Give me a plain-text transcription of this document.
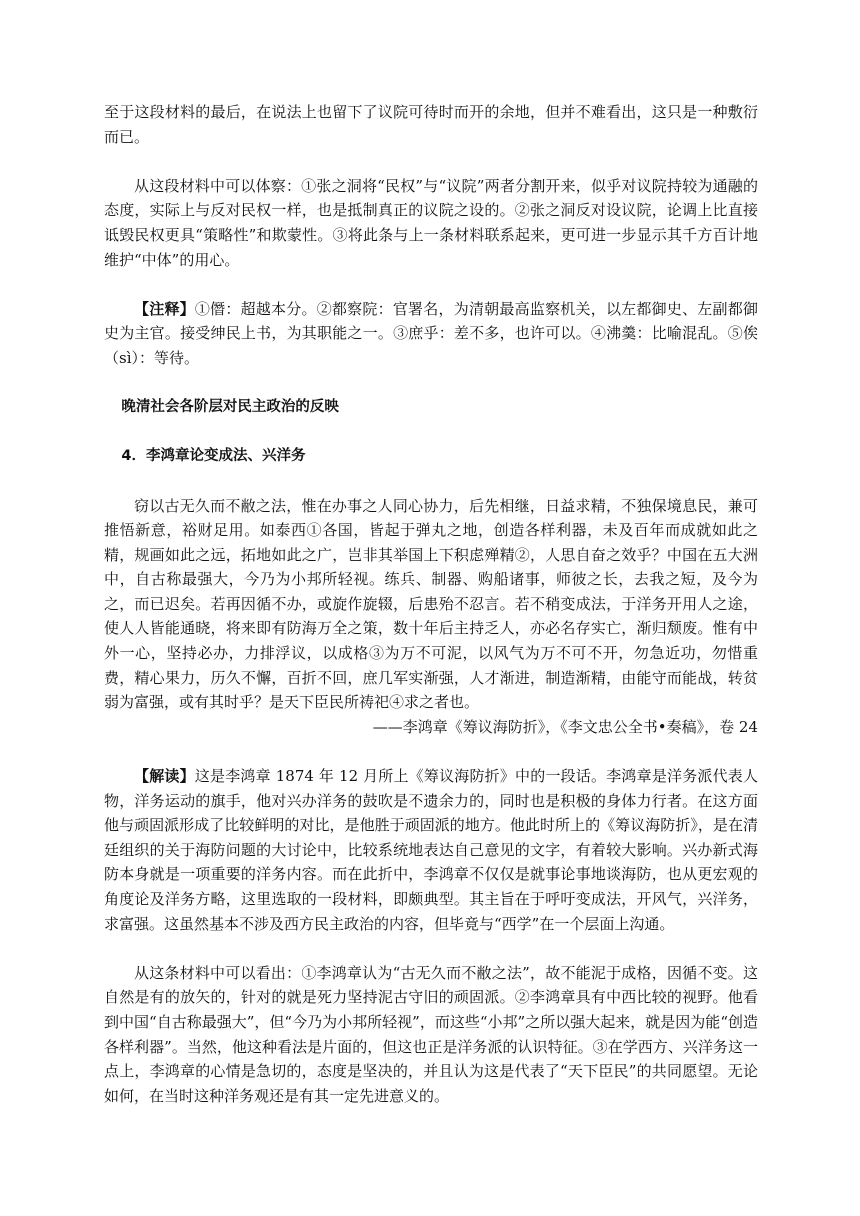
至于这段材料的最后，在说法上也留下了议院可待时而开的余地，但并不难看出，这只是一种敷衍而已。

从这段材料中可以体察：①张之洞将“民权”与“议院”两者分割开来，似乎对议院持较为通融的态度，实际上与反对民权一样，也是抵制真正的议院之设的。②张之洞反对设议院，论调上比直接诋毁民权更具“策略性”和欺蒙性。③将此条与上一条材料联系起来，更可进一步显示其千方百计地维护“中体”的用心。

【注释】①僭：超越本分。②都察院：官署名，为清朝最高监察机关，以左都御史、左副都御史为主官。接受绅民上书，为其职能之一。③庶乎：差不多，也许可以。④沸羹：比喻混乱。⑤俟（sì）：等待。

晚清社会各阶层对民主政治的反映

4．李鸿章论变成法、兴洋务

窃以古无久而不敝之法，惟在办事之人同心协力，后先相继，日益求精，不独保境息民，兼可推悟新意，裕财足用。如泰西①各国，皆起于弹丸之地，创造各样利器，未及百年而成就如此之精，规画如此之远，拓地如此之广，岂非其举国上下积虑殚精②，人思自奋之效乎？中国在五大洲中，自古称最强大，今乃为小邦所轻视。练兵、制器、购船诸事，师彼之长，去我之短，及今为之，而已迟矣。若再因循不办，或旋作旋辍，后患殆不忍言。若不稍变成法，于洋务开用人之途，使人人皆能通晓，将来即有防海万全之策，数十年后主持乏人，亦必名存实亡，渐归颓废。惟有中外一心，坚持必办，力排浮议，以成格③为万不可泥，以风气为万不可不开，勿急近功，勿惜重费，精心果力，历久不懈，百折不回，庶几军实渐强，人才渐进，制造渐精，由能守而能战，转贫弱为富强，或有其时乎？是天下臣民所祷祀④求之者也。

——李鸿章《筹议海防折》，《李文忠公全书•奏稿》，卷 24

【解读】这是李鸿章 1874 年 12 月所上《筹议海防折》中的一段话。李鸿章是洋务派代表人物，洋务运动的旗手，他对兴办洋务的鼓吹是不遗余力的，同时也是积极的身体力行者。在这方面他与顽固派形成了比较鲜明的对比，是他胜于顽固派的地方。他此时所上的《筹议海防折》，是在清廷组织的关于海防问题的大讨论中，比较系统地表达自己意见的文字，有着较大影响。兴办新式海防本身就是一项重要的洋务内容。而在此折中，李鸿章不仅仅是就事论事地谈海防，也从更宏观的角度论及洋务方略，这里选取的一段材料，即颇典型。其主旨在于呼吁变成法，开风气，兴洋务，求富强。这虽然基本不涉及西方民主政治的内容，但毕竟与“西学”在一个层面上沟通。

从这条材料中可以看出：①李鸿章认为“古无久而不敝之法”，故不能泥于成格，因循不变。这自然是有的放矢的，针对的就是死力坚持泥古守旧的顽固派。②李鸿章具有中西比较的视野。他看到中国“自古称最强大”，但“今乃为小邦所轻视”，而这些“小邦”之所以强大起来，就是因为能“创造各样利器”。当然，他这种看法是片面的，但这也正是洋务派的认识特征。③在学西方、兴洋务这一点上，李鸿章的心情是急切的，态度是坚决的，并且认为这是代表了“天下臣民”的共同愿望。无论如何，在当时这种洋务观还是有其一定先进意义的。
